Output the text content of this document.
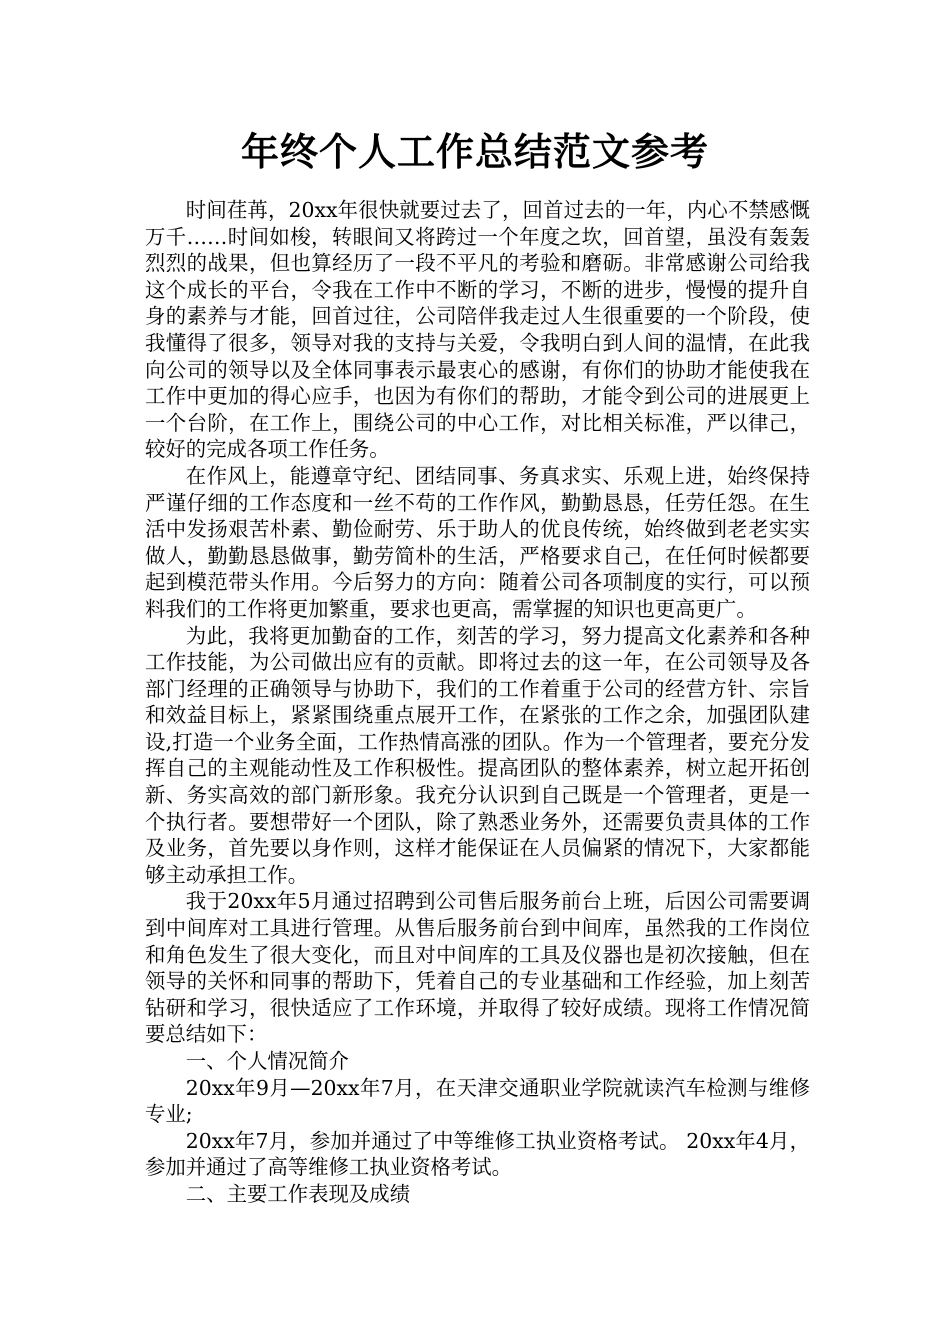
年终个人工作总结范文参考

时间荏苒，20xx年很快就要过去了，回首过去的一年，内心不禁感慨万千……时间如梭，转眼间又将跨过一个年度之坎，回首望，虽没有轰轰烈烈的战果，但也算经历了一段不平凡的考验和磨砺。非常感谢公司给我这个成长的平台，令我在工作中不断的学习，不断的进步，慢慢的提升自身的素养与才能，回首过往，公司陪伴我走过人生很重要的一个阶段，使我懂得了很多，领导对我的支持与关爱，令我明白到人间的温情，在此我向公司的领导以及全体同事表示最衷心的感谢，有你们的协助才能使我在工作中更加的得心应手，也因为有你们的帮助，才能令到公司的进展更上一个台阶，在工作上，围绕公司的中心工作，对比相关标准，严以律己，较好的完成各项工作任务。

在作风上，能遵章守纪、团结同事、务真求实、乐观上进，始终保持严谨仔细的工作态度和一丝不苟的工作作风，勤勤恳恳，任劳任怨。在生活中发扬艰苦朴素、勤俭耐劳、乐于助人的优良传统，始终做到老老实实做人，勤勤恳恳做事，勤劳简朴的生活，严格要求自己，在任何时候都要起到模范带头作用。今后努力的方向：随着公司各项制度的实行，可以预料我们的工作将更加繁重，要求也更高，需掌握的知识也更高更广。

为此，我将更加勤奋的工作，刻苦的学习，努力提高文化素养和各种工作技能，为公司做出应有的贡献。即将过去的这一年，在公司领导及各部门经理的正确领导与协助下，我们的工作着重于公司的经营方针、宗旨和效益目标上，紧紧围绕重点展开工作，在紧张的工作之余，加强团队建设,打造一个业务全面，工作热情高涨的团队。作为一个管理者，要充分发挥自己的主观能动性及工作积极性。提高团队的整体素养，树立起开拓创新、务实高效的部门新形象。我充分认识到自己既是一个管理者，更是一个执行者。要想带好一个团队，除了熟悉业务外，还需要负责具体的工作及业务，首先要以身作则，这样才能保证在人员偏紧的情况下，大家都能够主动承担工作。

我于20xx年5月通过招聘到公司售后服务前台上班，后因公司需要调到中间库对工具进行管理。从售后服务前台到中间库，虽然我的工作岗位和角色发生了很大变化，而且对中间库的工具及仪器也是初次接触，但在领导的关怀和同事的帮助下，凭着自己的专业基础和工作经验，加上刻苦钻研和学习，很快适应了工作环境，并取得了较好成绩。现将工作情况简要总结如下：

一、个人情况简介

20xx年9月—20xx年7月，在天津交通职业学院就读汽车检测与维修专业;

20xx年7月，参加并通过了中等维修工执业资格考试。 20xx年4月，参加并通过了高等维修工执业资格考试。

二、主要工作表现及成绩
